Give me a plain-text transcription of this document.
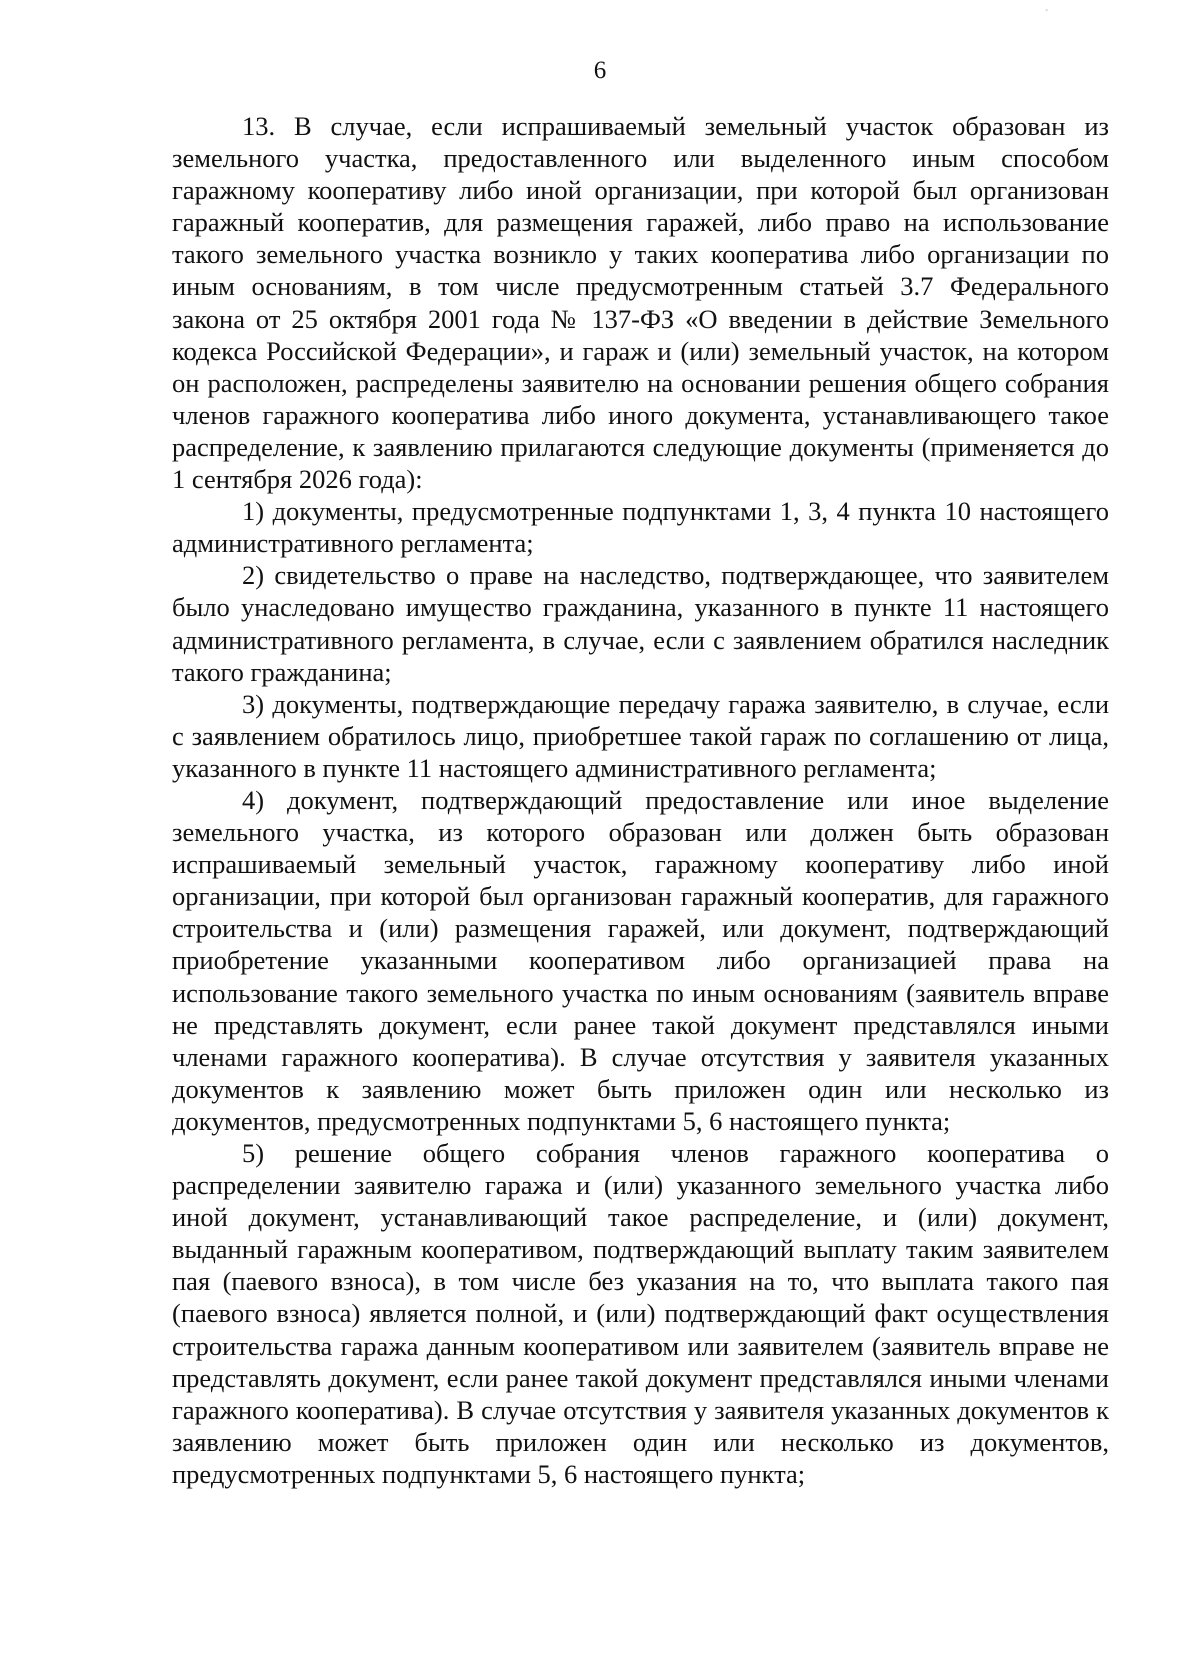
ᵛ
6

13. В случае, если испрашиваемый земельный участок образован из земельного участка, предоставленного или выделенного иным способом гаражному кооперативу либо иной организации, при которой был организован гаражный кооператив, для размещения гаражей, либо право на использование такого земельного участка возникло у таких кооператива либо организации по иным основаниям, в том числе предусмотренным статьей 3.7 Федерального закона от 25 октября 2001 года № 137-ФЗ «О введении в действие Земельного кодекса Российской Федерации», и гараж и (или) земельный участок, на котором он расположен, распределены заявителю на основании решения общего собрания членов гаражного кооператива либо иного документа, устанавливающего такое распределение, к заявлению прилагаются следующие документы (применяется до 1 сентября 2026 года):

1) документы, предусмотренные подпунктами 1, 3, 4 пункта 10 настоящего административного регламента;

2) свидетельство о праве на наследство, подтверждающее, что заявителем было унаследовано имущество гражданина, указанного в пункте 11 настоящего административного регламента, в случае, если с заявлением обратился наследник такого гражданина;

3) документы, подтверждающие передачу гаража заявителю, в случае, если с заявлением обратилось лицо, приобретшее такой гараж по соглашению от лица, указанного в пункте 11 настоящего административного регламента;

4) документ, подтверждающий предоставление или иное выделение земельного участка, из которого образован или должен быть образован испрашиваемый земельный участок, гаражному кооперативу либо иной организации, при которой был организован гаражный кооператив, для гаражного строительства и (или) размещения гаражей, или документ, подтверждающий приобретение указанными кооперативом либо организацией права на использование такого земельного участка по иным основаниям (заявитель вправе не представлять документ, если ранее такой документ представлялся иными членами гаражного кооператива). В случае отсутствия у заявителя указанных документов к заявлению может быть приложен один или несколько из документов, предусмотренных подпунктами 5, 6 настоящего пункта;

5) решение общего собрания членов гаражного кооператива о распределении заявителю гаража и (или) указанного земельного участка либо иной документ, устанавливающий такое распределение, и (или) документ, выданный гаражным кооперативом, подтверждающий выплату таким заявителем пая (паевого взноса), в том числе без указания на то, что выплата такого пая (паевого взноса) является полной, и (или) подтверждающий факт осуществления строительства гаража данным кооперативом или заявителем (заявитель вправе не представлять документ, если ранее такой документ представлялся иными членами гаражного кооператива). В случае отсутствия у заявителя указанных документов к заявлению может быть приложен один или несколько из документов, предусмотренных подпунктами 5, 6 настоящего пункта;
